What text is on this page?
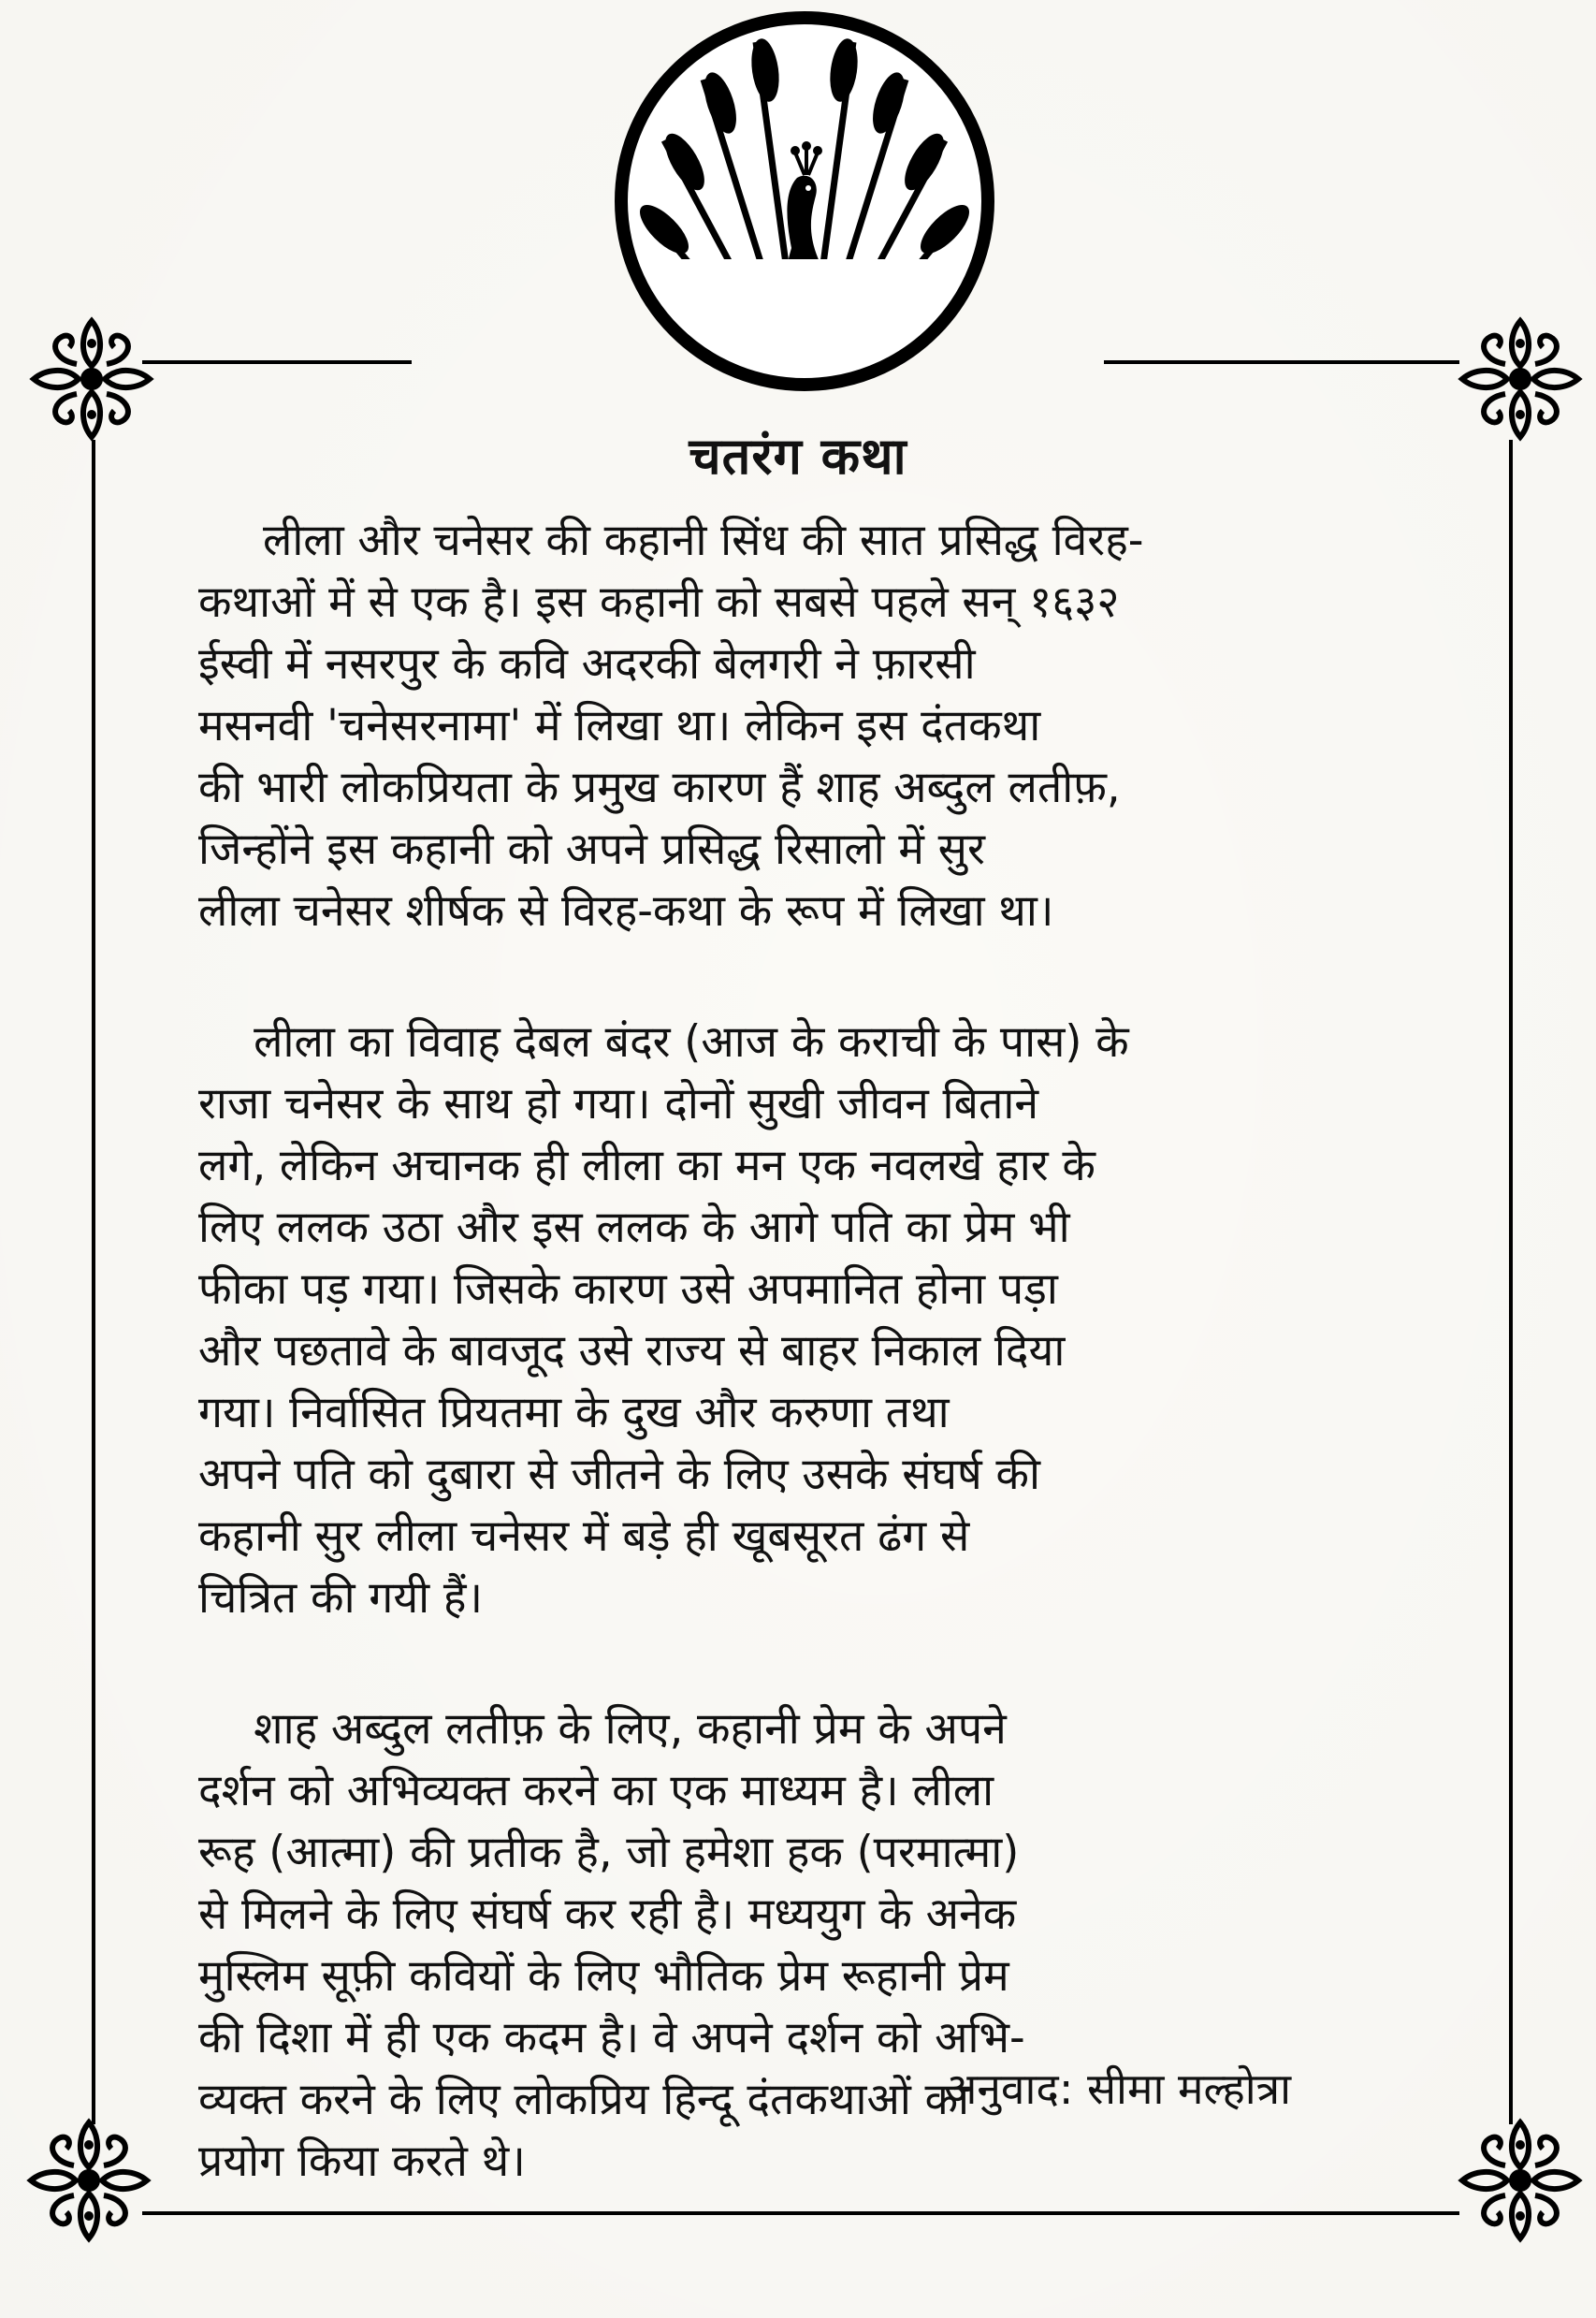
चतरंग कथा
लीला और चनेसर की कहानी सिंध की सात प्रसिद्ध विरह-
कथाओं में से एक है। इस कहानी को सबसे पहले सन् १६३२
ईस्वी में नसरपुर के कवि अदरकी बेलगरी ने फ़ारसी
मसनवी 'चनेसरनामा' में लिखा था। लेकिन इस दंतकथा
की भारी लोकप्रियता के प्रमुख कारण हैं शाह अब्दुल लतीफ़,
जिन्होंने इस कहानी को अपने प्रसिद्ध रिसालो में सुर
लीला चनेसर शीर्षक से विरह-कथा के रूप में लिखा था।
लीला का विवाह देबल बंदर (आज के कराची के पास) के
राजा चनेसर के साथ हो गया। दोनों सुखी जीवन बिताने
लगे, लेकिन अचानक ही लीला का मन एक नवलखे हार के
लिए ललक उठा और इस ललक के आगे पति का प्रेम भी
फीका पड़ गया। जिसके कारण उसे अपमानित होना पड़ा
और पछतावे के बावजूद उसे राज्य से बाहर निकाल दिया
गया। निर्वासित प्रियतमा के दुख और करुणा तथा
अपने पति को दुबारा से जीतने के लिए उसके संघर्ष की
कहानी सुर लीला चनेसर में बड़े ही खूबसूरत ढंग से
चित्रित की गयी हैं।
शाह अब्दुल लतीफ़ के लिए, कहानी प्रेम के अपने
दर्शन को अभिव्यक्त करने का एक माध्यम है। लीला
रूह (आत्मा) की प्रतीक है, जो हमेशा हक (परमात्मा)
से मिलने के लिए संघर्ष कर रही है। मध्ययुग के अनेक
मुस्लिम सूफ़ी कवियों के लिए भौतिक प्रेम रूहानी प्रेम
की दिशा में ही एक कदम है। वे अपने दर्शन को अभि-
व्यक्त करने के लिए लोकप्रिय हिन्दू दंतकथाओं का
प्रयोग किया करते थे।
अनुवाद: सीमा मल्होत्रा
